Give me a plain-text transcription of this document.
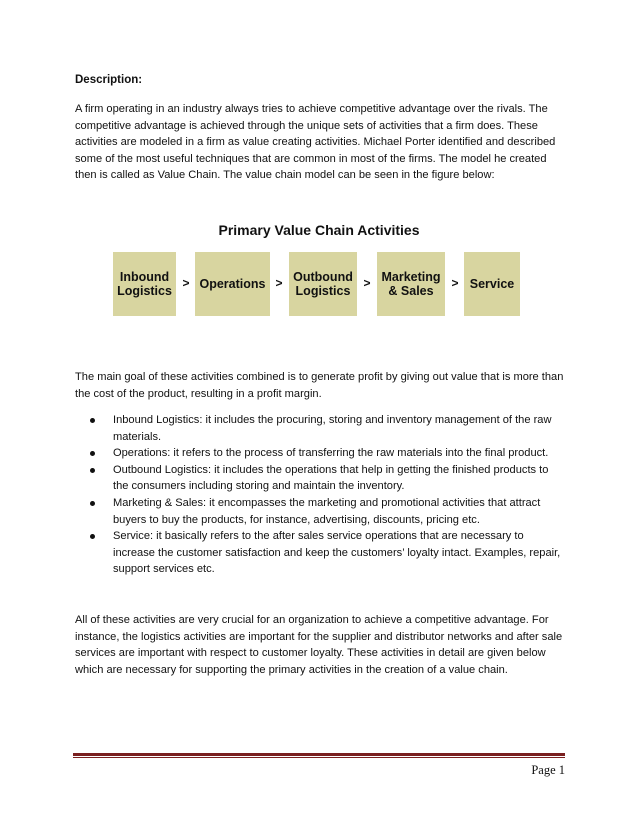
Description:

A firm operating in an industry always tries to achieve competitive advantage over the rivals. The competitive advantage is achieved through the unique sets of activities that a firm does. These activities are modeled in a firm as value creating activities. Michael Porter identified and described some of the most useful techniques that are common in most of the firms. The model he created then is called as Value Chain. The value chain model can be seen in the figure below:

Primary Value Chain Activities
Inbound
Logistics
> Operations > Outbound
Logistics
> Marketing
& Sales
> Service

The main goal of these activities combined is to generate profit by giving out value that is more than the cost of the product, resulting in a profit margin.

Inbound Logistics: it includes the procuring, storing and inventory management of the raw materials.
Operations: it refers to the process of transferring the raw materials into the final product.
Outbound Logistics: it includes the operations that help in getting the finished products to the consumers including storing and maintain the inventory.
Marketing & Sales: it encompasses the marketing and promotional activities that attract buyers to buy the products, for instance, advertising, discounts, pricing etc.
Service: it basically refers to the after sales service operations that are necessary to increase the customer satisfaction and keep the customers’ loyalty intact. Examples, repair, support services etc.

All of these activities are very crucial for an organization to achieve a competitive advantage. For instance, the logistics activities are important for the supplier and distributor networks and after sale services are important with respect to customer loyalty. These activities in detail are given below which are necessary for supporting the primary activities in the creation of a value chain.

Page 1
